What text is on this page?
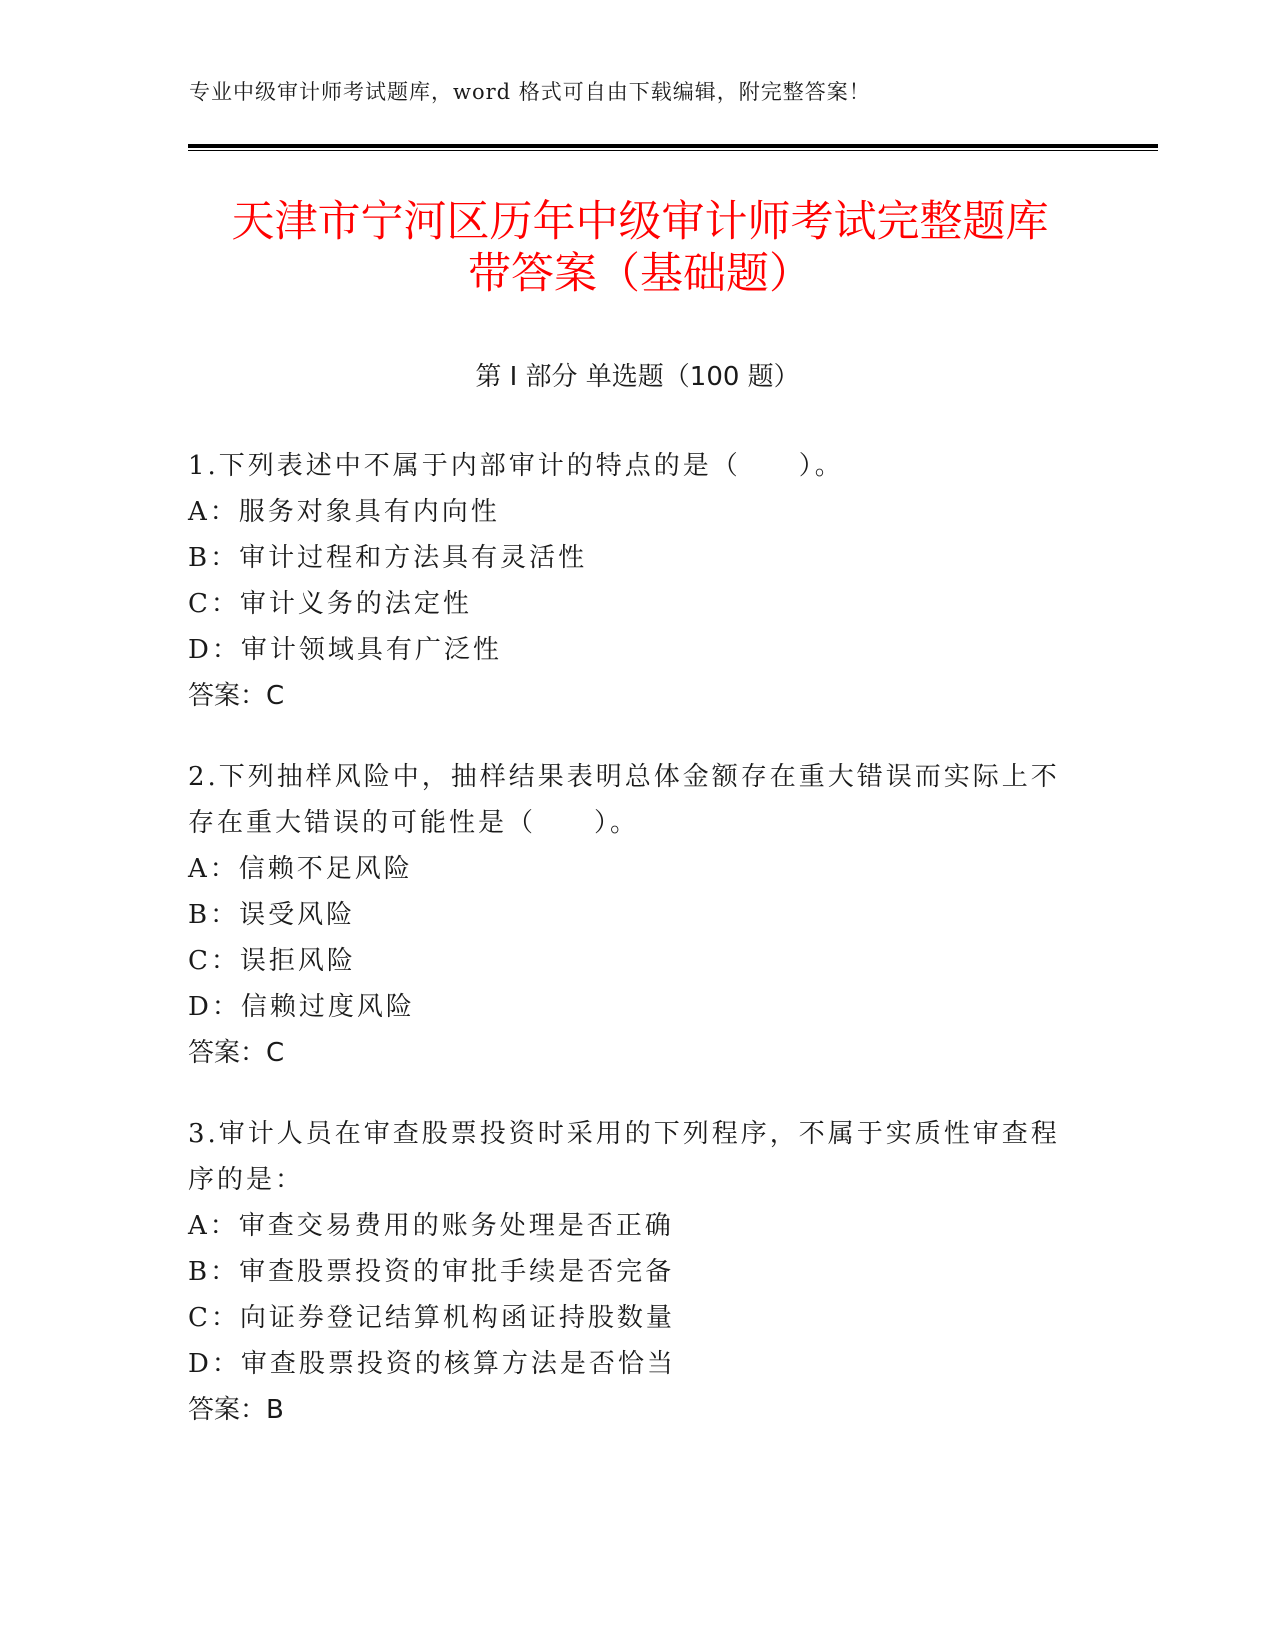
专业中级审计师考试题库，word 格式可自由下载编辑，附完整答案！
天津市宁河区历年中级审计师考试完整题库
带答案（基础题）
第 I 部分 单选题（100 题）
1.下列表述中不属于内部审计的特点的是（　　）。
A：服务对象具有内向性
B：审计过程和方法具有灵活性
C：审计义务的法定性
D：审计领域具有广泛性
答案：C
2.下列抽样风险中，抽样结果表明总体金额存在重大错误而实际上不存在重大错误的可能性是（　　）。
A：信赖不足风险
B：误受风险
C：误拒风险
D：信赖过度风险
答案：C
3.审计人员在审查股票投资时采用的下列程序，不属于实质性审查程序的是：
A：审查交易费用的账务处理是否正确
B：审查股票投资的审批手续是否完备
C：向证券登记结算机构函证持股数量
D：审查股票投资的核算方法是否恰当
答案：B
